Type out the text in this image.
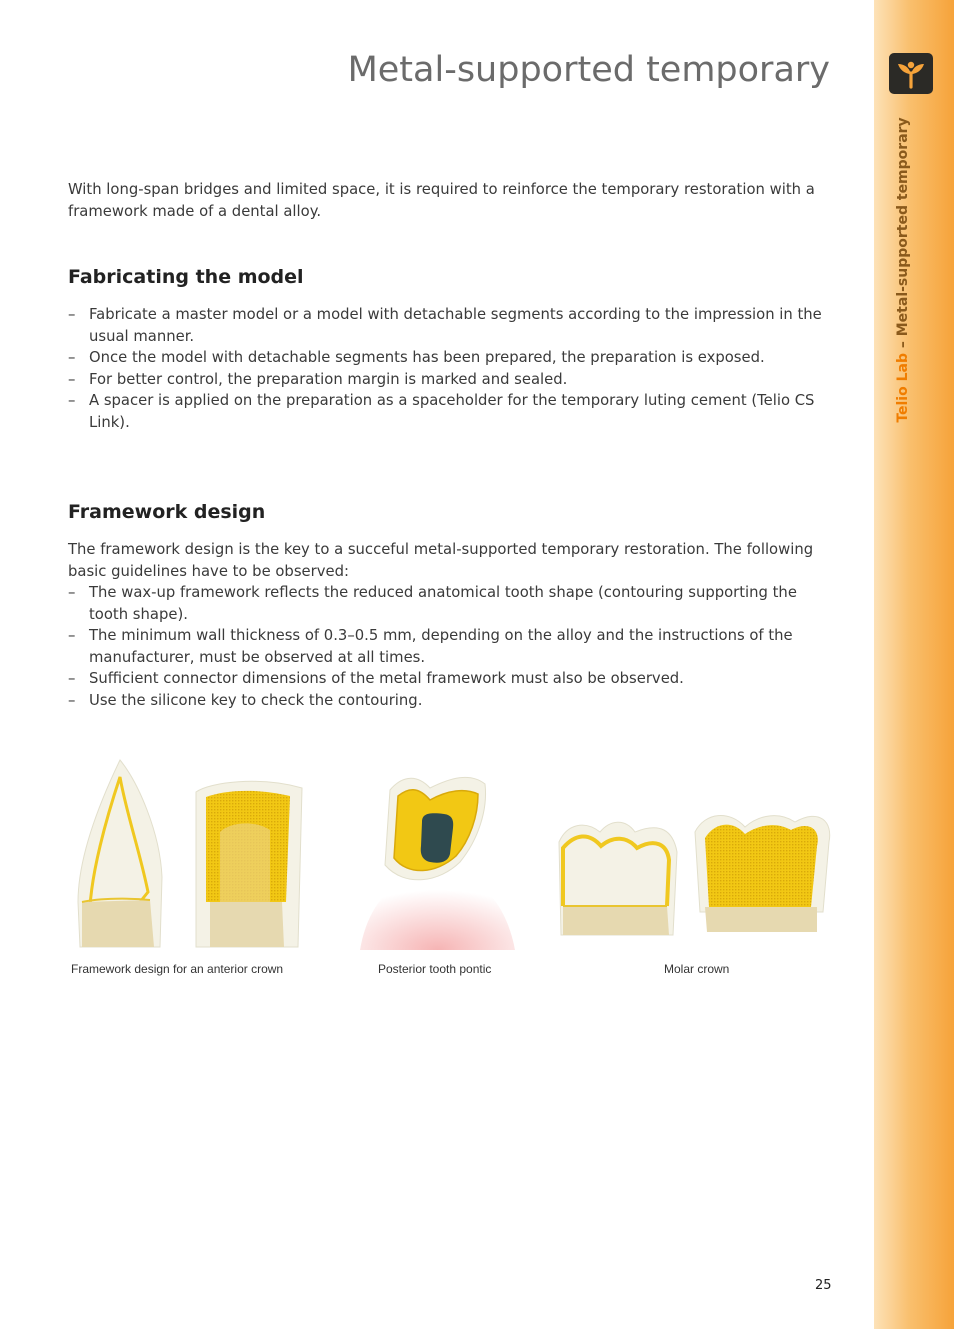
Telio Lab – Metal-supported temporary
Metal-supported temporary

With long-span bridges and limited space, it is required to reinforce the temporary restoration with a framework made of a dental alloy.

Fabricating the model
– Fabricate a master model or a model with detachable segments according to the impression in the usual manner.
– Once the model with detachable segments has been prepared, the preparation is exposed.
– For better control, the preparation margin is marked and sealed.
– A spacer is applied on the preparation as a spaceholder for the temporary luting cement (Telio CS Link).
Framework design

The framework design is the key to a succeful metal-supported temporary restoration. The following basic guidelines have to be observed:

– The wax-up framework reflects the reduced anatomical tooth shape (contouring supporting the tooth shape).
– The minimum wall thickness of 0.3–0.5 mm, depending on the alloy and the instructions of the manufacturer, must be observed at all times.
– Sufficient connector dimensions of the metal framework must also be observed.
– Use the silicone key to check the contouring.
Framework design for an anterior crown	Posterior tooth pontic	Molar crown
25
